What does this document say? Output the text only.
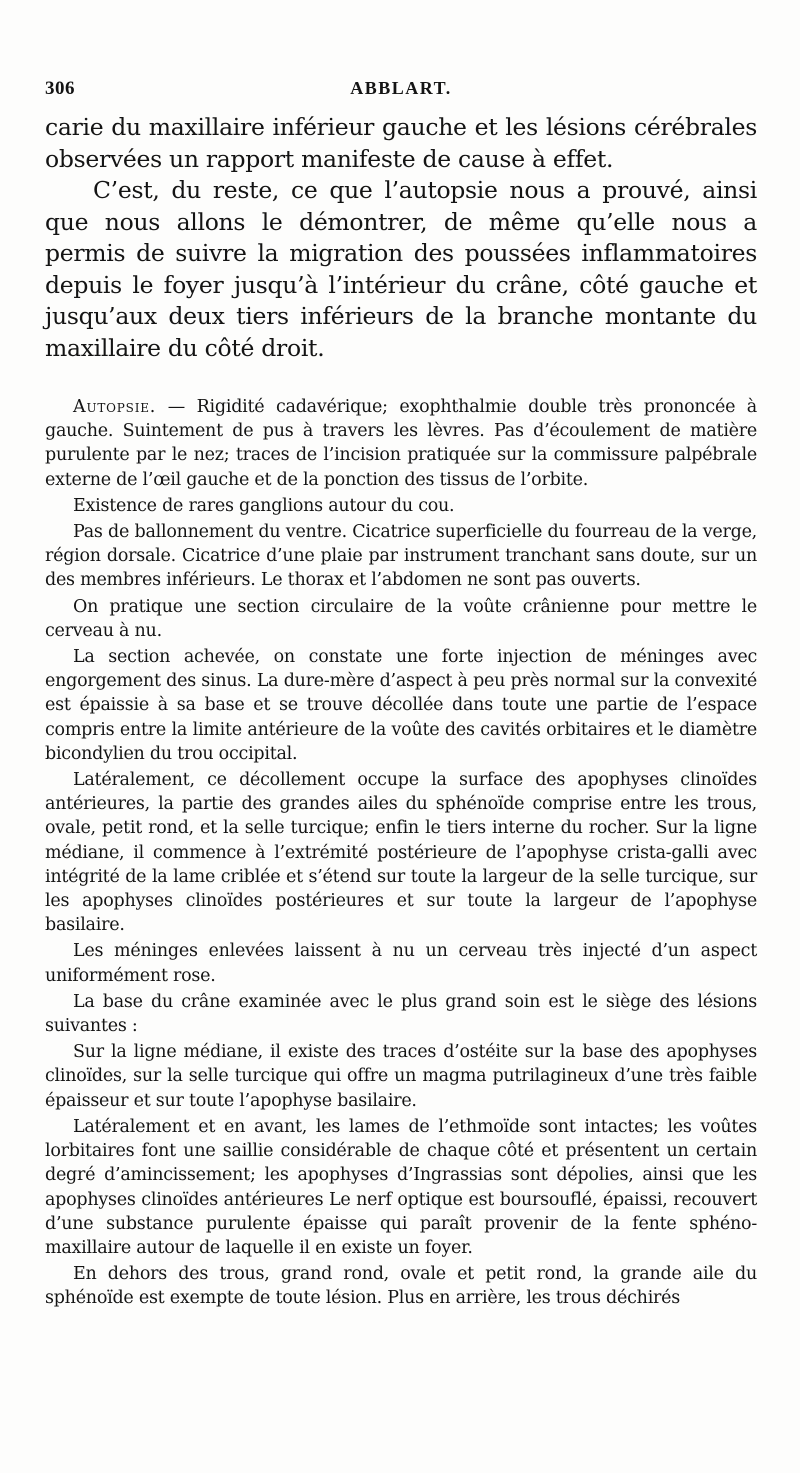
306	ABBLART.

carie du maxillaire inférieur gauche et les lésions cérébrales observées un rapport manifeste de cause à effet.

C’est, du reste, ce que l’autopsie nous a prouvé, ainsi que nous allons le démontrer, de même qu’elle nous a permis de suivre la migration des poussées inflammatoires depuis le foyer jusqu’à l’intérieur du crâne, côté gauche et jusqu’aux deux tiers inférieurs de la branche montante du maxillaire du côté droit.

Autopsie. — Rigidité cadavérique; exophthalmie double très prononcée à gauche. Suintement de pus à travers les lèvres. Pas d’écoulement de matière purulente par le nez; traces de l’incision pratiquée sur la commissure palpébrale externe de l’œil gauche et de la ponction des tissus de l’orbite.

Existence de rares ganglions autour du cou.

Pas de ballonnement du ventre. Cicatrice superficielle du fourreau de la verge, région dorsale. Cicatrice d’une plaie par instrument tranchant sans doute, sur un des membres inférieurs. Le thorax et l’abdomen ne sont pas ouverts.

On pratique une section circulaire de la voûte crânienne pour mettre le cerveau à nu.

La section achevée, on constate une forte injection de méninges avec engorgement des sinus. La dure-mère d’aspect à peu près normal sur la convexité est épaissie à sa base et se trouve décollée dans toute une partie de l’espace compris entre la limite antérieure de la voûte des cavités orbitaires et le diamètre bicondylien du trou occipital.

Latéralement, ce décollement occupe la surface des apophyses clinoïdes antérieures, la partie des grandes ailes du sphénoïde comprise entre les trous, ovale, petit rond, et la selle turcique; enfin le tiers interne du rocher. Sur la ligne médiane, il commence à l’extrémité postérieure de l’apophyse crista-galli avec intégrité de la lame criblée et s’étend sur toute la largeur de la selle turcique, sur les apophyses clinoïdes postérieures et sur toute la largeur de l’apophyse basilaire.

Les méninges enlevées laissent à nu un cerveau très injecté d’un aspect uniformément rose.

La base du crâne examinée avec le plus grand soin est le siège des lésions suivantes :

Sur la ligne médiane, il existe des traces d’ostéite sur la base des apophyses clinoïdes, sur la selle turcique qui offre un magma putrilagineux d’une très faible épaisseur et sur toute l’apophyse basilaire.

Latéralement et en avant, les lames de l’ethmoïde sont intactes; les voûtes lorbitaires font une saillie considérable de chaque côté et présentent un certain degré d’amincissement; les apophyses d’Ingrassias sont dépolies, ainsi que les apophyses clinoïdes antérieures Le nerf optique est boursouflé, épaissi, recouvert d’une substance purulente épaisse qui paraît provenir de la fente sphéno-maxillaire autour de laquelle il en existe un foyer.

En dehors des trous, grand rond, ovale et petit rond, la grande aile du sphénoïde est exempte de toute lésion. Plus en arrière, les trous déchirés
